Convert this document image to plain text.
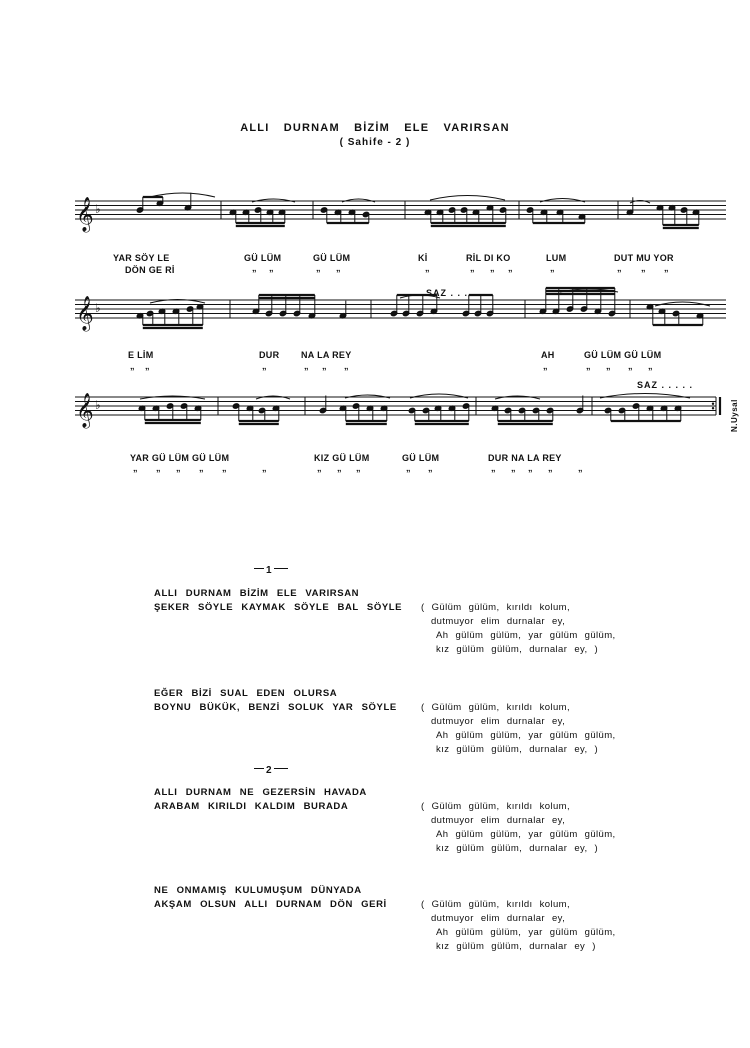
ALLI DURNAM BİZİM ELE VARIRSAN
( Sahife - 2 )
𝄞 ♭
𝄞 ♭
𝄞 ♭
SAZ . . . . .
SAZ . . . . .
N.Uysal
YAR SÖY LE	GÜ LÜM	GÜ LÜM	Kİ	RİL DI KO	LUM	DUT MU YOR
DÖN GE Rİ
E LİM	DUR NA LA REY	AH	GÜ LÜM GÜ LÜM
YAR GÜ LÜM GÜ LÜM	KIZ GÜ LÜM	GÜ LÜM	DUR NA LA REY
„ „	„ „	„	„ „ „	„	„ „ „
„ „	„	„ „ „	„	„ „ „ „
„ „ „ „ „	„	„ „ „	„ „	„ „ „ „	„
1
ALLI DURNAM BİZİM ELE VARIRSAN
ŞEKER SÖYLE KAYMAK SÖYLE BAL SÖYLE ( Gülüm gülüm, kırıldı kolum,
dutmuyor elim durnalar ey,
Ah gülüm gülüm, yar gülüm gülüm,
kız gülüm gülüm, durnalar ey, )
EĞER BİZİ SUAL EDEN OLURSA
BOYNU BÜKÜK, BENZİ SOLUK YAR SÖYLE	( Gülüm gülüm, kırıldı kolum,
dutmuyor elim durnalar ey,
Ah gülüm gülüm, yar gülüm gülüm,
kız gülüm gülüm, durnalar ey, )
2
ALLI DURNAM NE GEZERSİN HAVADA
ARABAM KIRILDI KALDIM BURADA	( Gülüm gülüm, kırıldı kolum,
dutmuyor elim durnalar ey,
Ah gülüm gülüm, yar gülüm gülüm,
kız gülüm gülüm, durnalar ey, )
NE ONMAMIŞ KULUMUŞUM DÜNYADA
AKŞAM OLSUN ALLI DURNAM DÖN GERİ	( Gülüm gülüm, kırıldı kolum,
dutmuyor elim durnalar ey,
Ah gülüm gülüm, yar gülüm gülüm,
kız gülüm gülüm, durnalar ey )
